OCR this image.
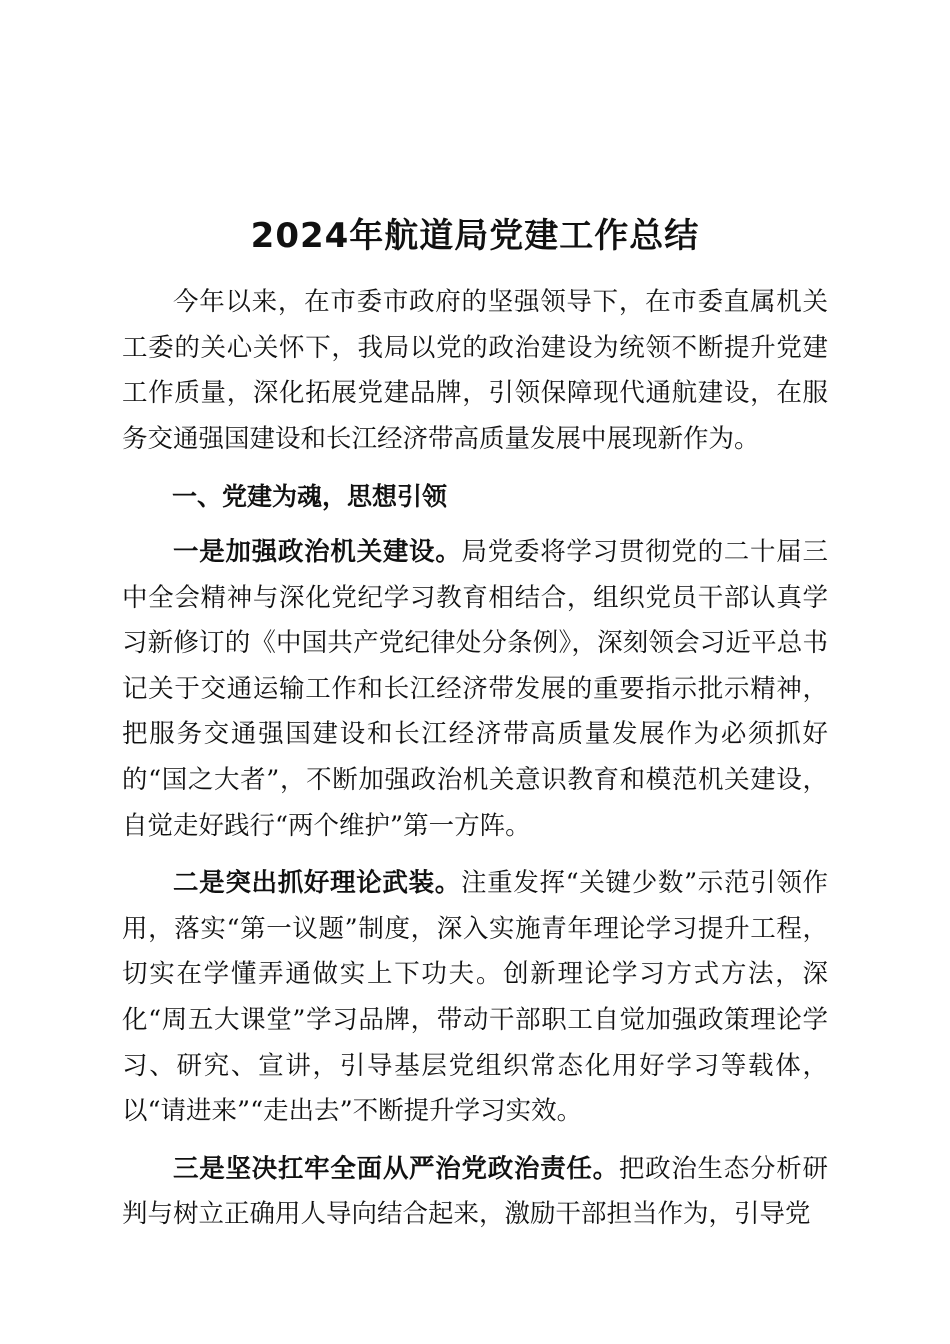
2024年航道局党建工作总结

今年以来，在市委市政府的坚强领导下，在市委直属机关工委的关心关怀下，我局以党的政治建设为统领不断提升党建工作质量，深化拓展党建品牌，引领保障现代通航建设，在服务交通强国建设和长江经济带高质量发展中展现新作为。

一、党建为魂，思想引领

一是加强政治机关建设。局党委将学习贯彻党的二十届三中全会精神与深化党纪学习教育相结合，组织党员干部认真学习新修订的《中国共产党纪律处分条例》，深刻领会习近平总书记关于交通运输工作和长江经济带发展的重要指示批示精神，把服务交通强国建设和长江经济带高质量发展作为必须抓好的“国之大者”，不断加强政治机关意识教育和模范机关建设，自觉走好践行“两个维护”第一方阵。

二是突出抓好理论武装。注重发挥“关键少数”示范引领作用，落实“第一议题”制度，深入实施青年理论学习提升工程，切实在学懂弄通做实上下功夫。创新理论学习方式方法，深化“周五大课堂”学习品牌，带动干部职工自觉加强政策理论学习、研究、宣讲，引导基层党组织常态化用好学习等载体，以“请进来”“走出去”不断提升学习实效。

三是坚决扛牢全面从严治党政治责任。把政治生态分析研判与树立正确用人导向结合起来，激励干部担当作为，引导党
